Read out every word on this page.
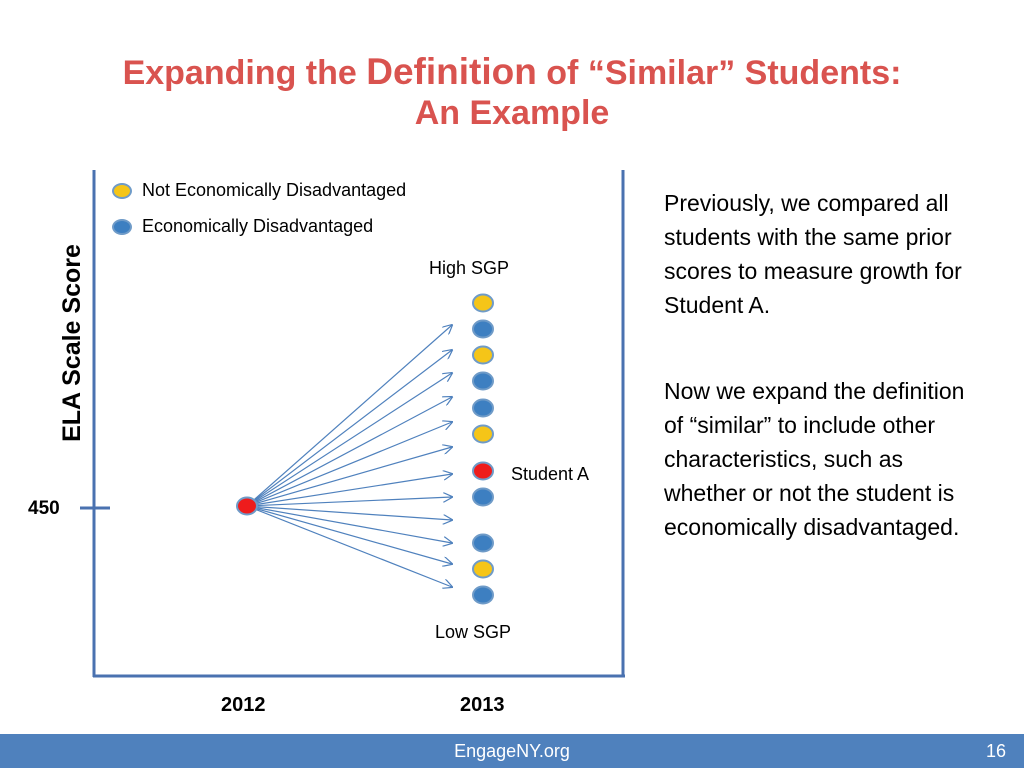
Expanding the Definition of “Similar” Students:
An Example
ELA Scale Score
450
Not Economically Disadvantaged
Economically Disadvantaged
High SGP
Low SGP
Student A
2012	2013

Previously, we compared all students with the same prior scores to measure growth for Student A.

Now we expand the definition of “similar” to include other characteristics, such as whether or not the student is economically disadvantaged.

EngageNY.org	16
